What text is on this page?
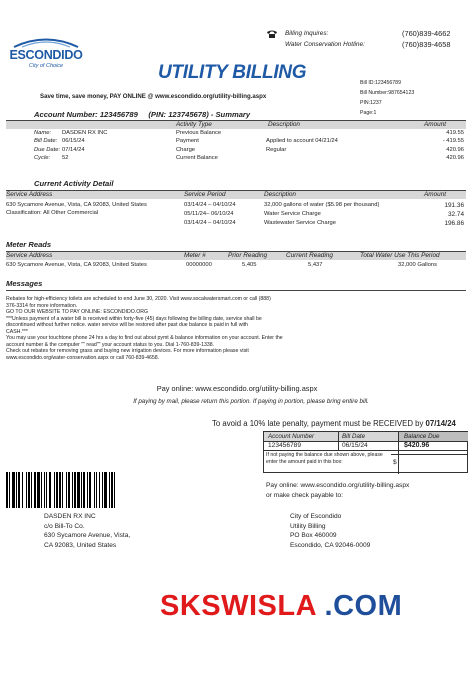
ESCONDIDO
City of Choice
Billing Inquires:	(760)839-4662
Water Conservation Hotline:	(760)839-4658
UTILITY BILLING
Save time, save money, PAY ONLINE @ www.escondido.org/utility-billing.aspx
Bill ID:123456789
Bill Number:987654123
PIN:1237
Page:1
Account Number: 123456789     (PIN: 123745678) - Summary
Activity Type	Description	Amount
Name:	DASDEN RX INC
Bill Date: 06/15/24
Due Date: 07/14/24
Cycle:	52
Previous Balance	419.55
Payment	Applied to account 04/21/24	- 419.55
Charge	Regular	420.96
Current Balance	420.96
Current Activity Detail
Service Address	Service Period	Description	Amount
630 Sycamore Avenue, Vista, CA 92083, United States
Classification: All Other Commercial
03/14/24 – 04/10/24	32,000 gallons of water ($5.98 per thousand)	191.36
05/11/24– 06/10/24	Water Service Charge	32.74
03/14/24 – 04/10/24	Wastewater Service Charge	196.86
Meter Reads
Service Address	Meter #	Prior Reading	Current Reading	Total Water Use This Period
630 Sycamore Avenue, Vista, CA 92083, United States	00000000	5,405	5,437	32,000 Gallons
Messages
Rebates for high-efficiency toilets are scheduled to end June 30, 2020. Visit www.socalwatersmart.com or call (888)
376-3314 for more information.
GO TO OUR WEBSITE TO PAY ONLINE: ESCONDIDO.ORG
***Unless payment of a water bill is received within forty-five (45) days following the billing date, service shall be
discontinued without further notice. water service will be restored after past due balance is paid in full with
CASH.***
You may use your touchtone phone 24 hrs a day to find out about pymt & balance information on your account. Enter the
account number & the computer "" read"" your account status to you. Dial 1-760-839-1338.
Check out rebates for removing grass and buying new irrigation devices. For more information please visit
www.escondido.org/water-conservation.aspx or call 760-839-4658.
Pay online: www.escondido.org/utility-billing.aspx
If paying by mail, please return this portion. If paying in portion, please bring entire bill.
To avoid a 10% late penalty, payment must be RECEIVED by 07/14/24
Account Number	Bill Date	Balance Due
123456789	06/15/24	$420.96
If not paying the balance due shown above, please enter the amount paid in this box:	$
Pay online: www.escondido.org/utility-billing.aspx
or make check payable to:
DASDEN RX INC
c/o Bill-To Co.
630 Sycamore Avenue, Vista,
CA 92083, United States
City of Escondido
Utility Billing
PO Box 460009
Escondido, CA 92046-0009
SKSWISLA .COM
